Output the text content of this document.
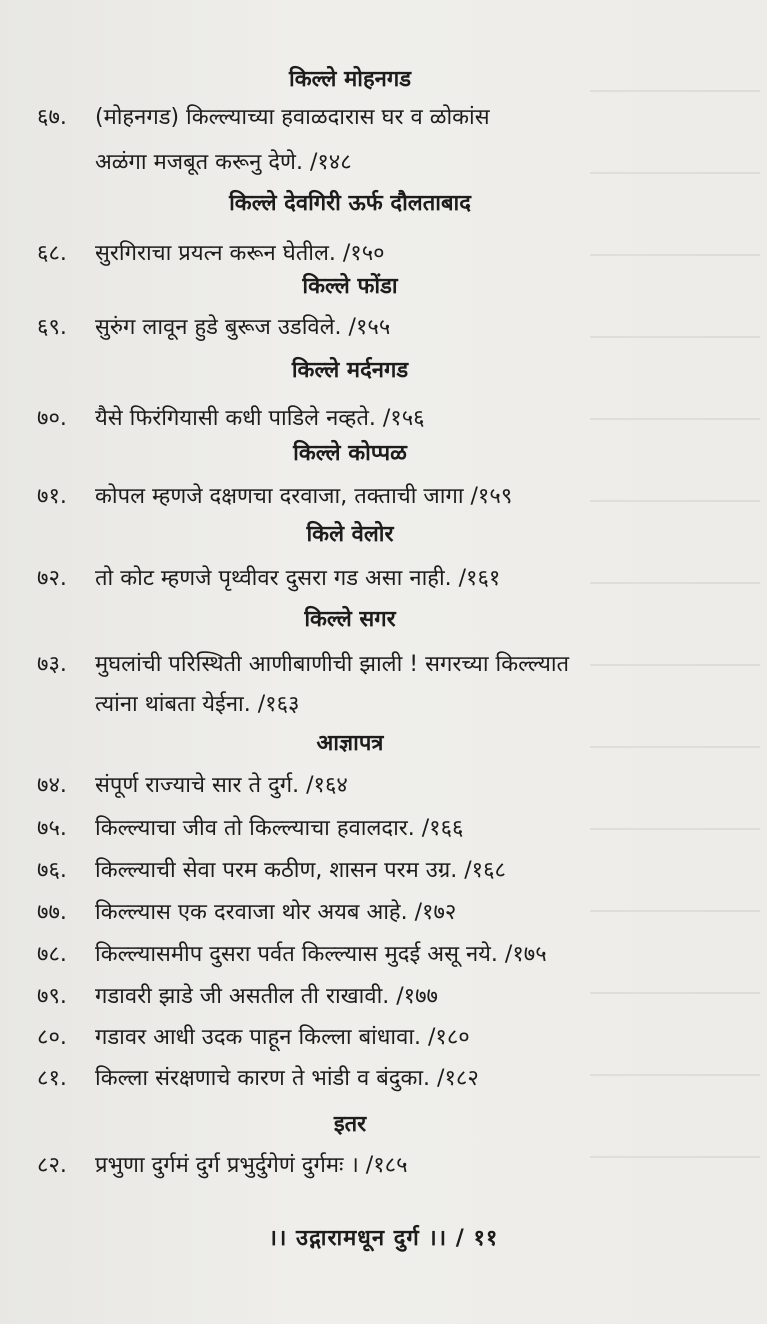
किल्ले मोहनगड
६७. (मोहनगड) किल्ल्याच्या हवाळदारास घर व ळोकांस
अळंगा मजबूत करूनु देणे. /१४८
किल्ले देवगिरी ऊर्फ दौलताबाद
६८. सुरगिराचा प्रयत्न करून घेतील. /१५०
किल्ले फोंडा
६९. सुरुंग लावून हुडे बुरूज उडविले. /१५५
किल्ले मर्दनगड
७०. यैसे फिरंगियासी कधी पाडिले नव्हते. /१५६
किल्ले कोप्पळ
७१. कोपल म्हणजे दक्षणचा दरवाजा, तक्ताची जागा /१५९
किले वेलोर
७२. तो कोट म्हणजे पृथ्वीवर दुसरा गड असा नाही. /१६१
किल्ले सगर
७३. मुघलांची परिस्थिती आणीबाणीची झाली ! सगरच्या किल्ल्यात
त्यांना थांबता येईना. /१६३
आज्ञापत्र
७४. संपूर्ण राज्याचे सार ते दुर्ग. /१६४
७५. किल्ल्याचा जीव तो किल्ल्याचा हवालदार. /१६६
७६. किल्ल्याची सेवा परम कठीण, शासन परम उग्र. /१६८
७७. किल्ल्यास एक दरवाजा थोर अयब आहे. /१७२
७८. किल्ल्यासमीप दुसरा पर्वत किल्ल्यास मुदई असू नये. /१७५
७९. गडावरी झाडे जी असतील ती राखावी. /१७७
८०. गडावर आधी उदक पाहून किल्ला बांधावा. /१८०
८१. किल्ला संरक्षणाचे कारण ते भांडी व बंदुका. /१८२
इतर
८२. प्रभुणा दुर्गमं दुर्ग प्रभुर्दुगेणं दुर्गमः । /१८५
।। उद्गारामधून दुर्ग ।। / ११
